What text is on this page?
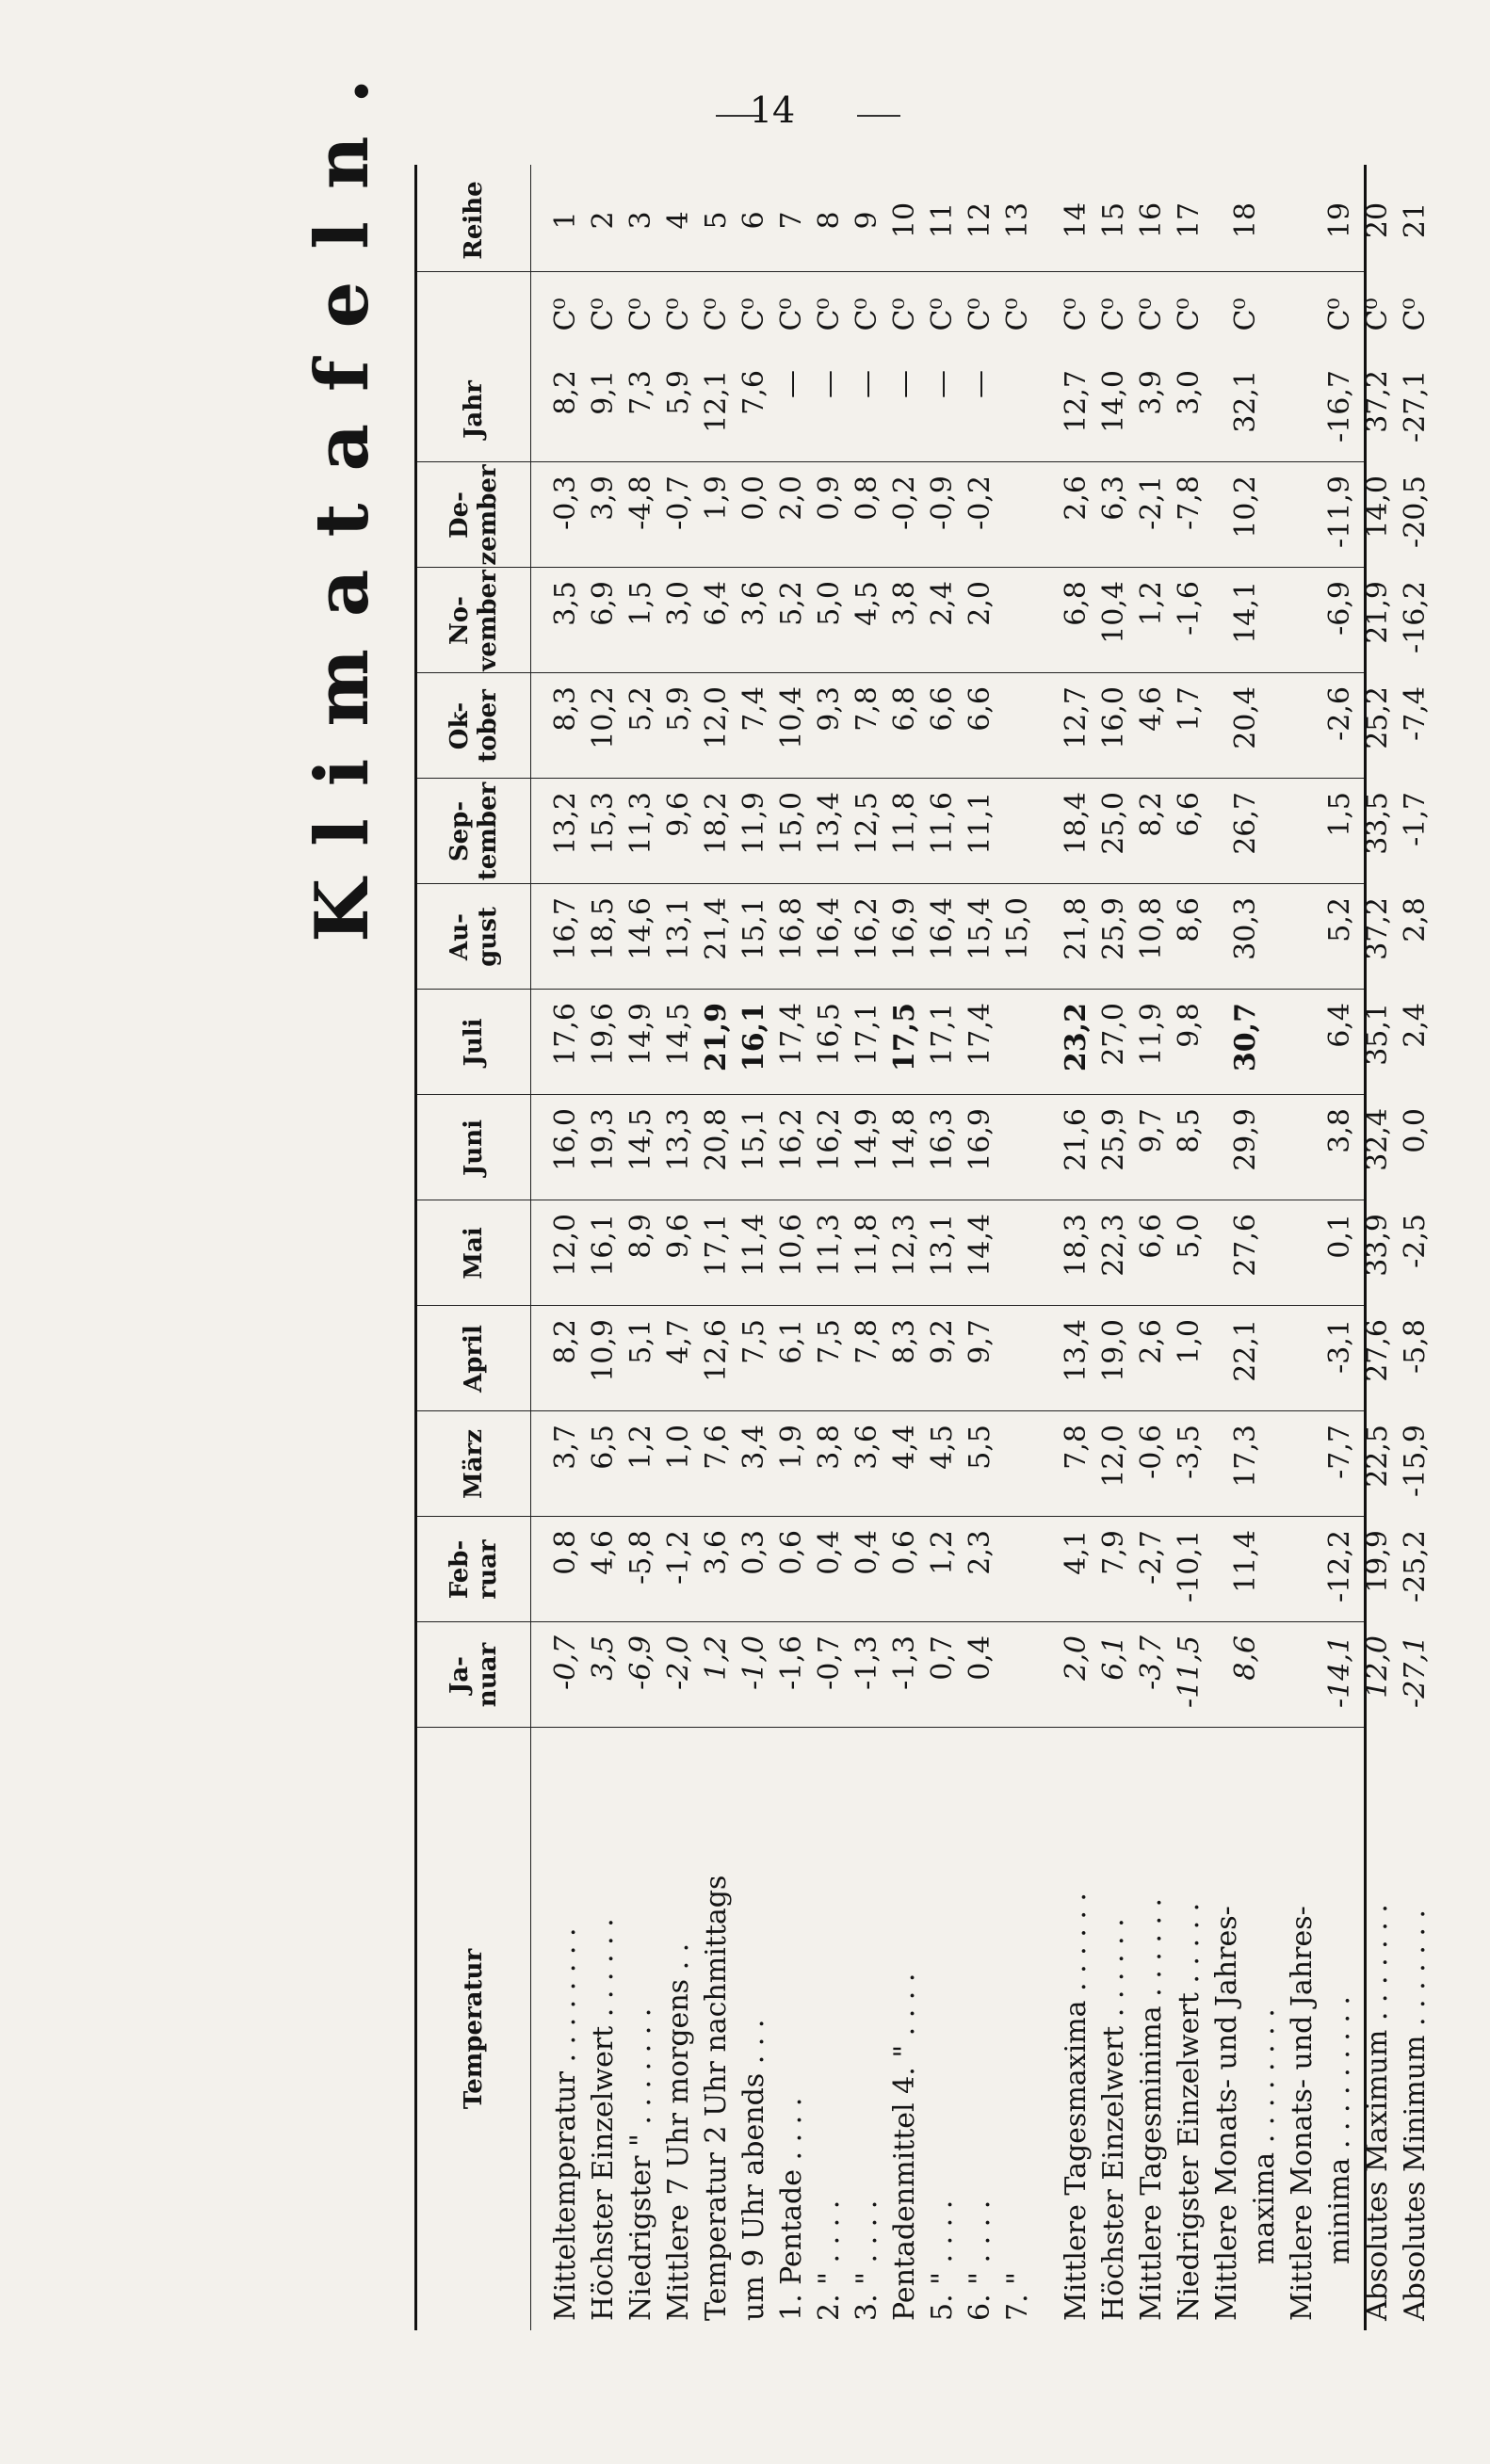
14
Klimatafeln.
Temperatur
Ja-
nuar
Feb-
ruar
März
April
Mai
Juni
Juli
Au-
gust
Sep-
tember
Ok-
tober
No-
vember
De-
zember
Jahr
Reihe
Mitteltemperatur . . . . . . . .
-0,7
0,8
3,7
8,2
12,0
16,0
17,6
16,7
13,2
8,3
3,5
-0,3
8,2
C⁰
1
Höchster Einzelwert . . . . . .
3,5
4,6
6,5
10,9
16,1
19,3
19,6
18,5
15,3
10,2
6,9
3,9
9,1
C⁰
2
Niedrigster " . . . . . . .
-6,9
-5,8
1,2
5,1
8,9
14,5
14,9
14,6
11,3
5,2
1,5
-4,8
7,3
C⁰
3
Mittlere 7 Uhr morgens . .
-2,0
-1,2
1,0
4,7
9,6
13,3
14,5
13,1
9,6
5,9
3,0
-0,7
5,9
C⁰
4
Temperatur 2 Uhr nachmittags
1,2
3,6
7,6
12,6
17,1
20,8
21,9
21,4
18,2
12,0
6,4
1,9
12,1
C⁰
5
um 9 Uhr abends . . .
-1,0
0,3
3,4
7,5
11,4
15,1
16,1
15,1
11,9
7,4
3,6
0,0
7,6
C⁰
6
1. Pentade . . . .
-1,6
0,6
1,9
6,1
10,6
16,2
17,4
16,8
15,0
10,4
5,2
2,0
—
C⁰
7
2. " . . . .
-0,7
0,4
3,8
7,5
11,3
16,2
16,5
16,4
13,4
9,3
5,0
0,9
—
C⁰
8
3. " . . . .
-1,3
0,4
3,6
7,8
11,8
14,9
17,1
16,2
12,5
7,8
4,5
0,8
—
C⁰
9
Pentadenmittel 4. " . . . .
-1,3
0,6
4,4
8,3
12,3
14,8
17,5
16,9
11,8
6,8
3,8
-0,2
—
C⁰
10
5. " . . . .
0,7
1,2
4,5
9,2
13,1
16,3
17,1
16,4
11,6
6,6
2,4
-0,9
—
C⁰
11
6. " . . . .
0,4
2,3
5,5
9,7
14,4
16,9
17,4
15,4
11,1
6,6
2,0
-0,2
—
C⁰
12
7. "
15,0
C⁰
13
Mittlere Tagesmaxima . . . . . .
2,0
4,1
7,8
13,4
18,3
21,6
23,2
21,8
18,4
12,7
6,8
2,6
12,7
C⁰
14
Höchster Einzelwert . . . . . .
6,1
7,9
12,0
19,0
22,3
25,9
27,0
25,9
25,0
16,0
10,4
6,3
14,0
C⁰
15
Mittlere Tagesminima . . . . . .
-3,7
-2,7
-0,6
2,6
6,6
9,7
11,9
10,8
8,2
4,6
1,2
-2,1
3,9
C⁰
16
Niedrigster Einzelwert . . . . .
-11,5
-10,1
-3,5
1,0
5,0
8,5
9,8
8,6
6,6
1,7
-1,6
-7,8
3,0
C⁰
17
Mittlere Monats- und Jahres- maxima . . . . . . . .
8,6
11,4
17,3
22,1
27,6
29,9
30,7
30,3
26,7
20,4
14,1
10,2
32,1
C⁰
18
Mittlere Monats- und Jahres- minima . . . . . . . . .
-14,1
-12,2
-7,7
-3,1
0,1
3,8
6,4
5,2
1,5
-2,6
-6,9
-11,9
-16,7
C⁰
19
Absolutes Maximum . . . . . . .
12,0
19,9
22,5
27,6
33,9
32,4
35,1
37,2
33,5
25,2
21,9
14,0
37,2
C⁰
20
Absolutes Minimum . . . . . . .
-27,1
-25,2
-15,9
-5,8
-2,5
0,0
2,4
2,8
-1,7
-7,4
-16,2
-20,5
-27,1
C⁰
21
